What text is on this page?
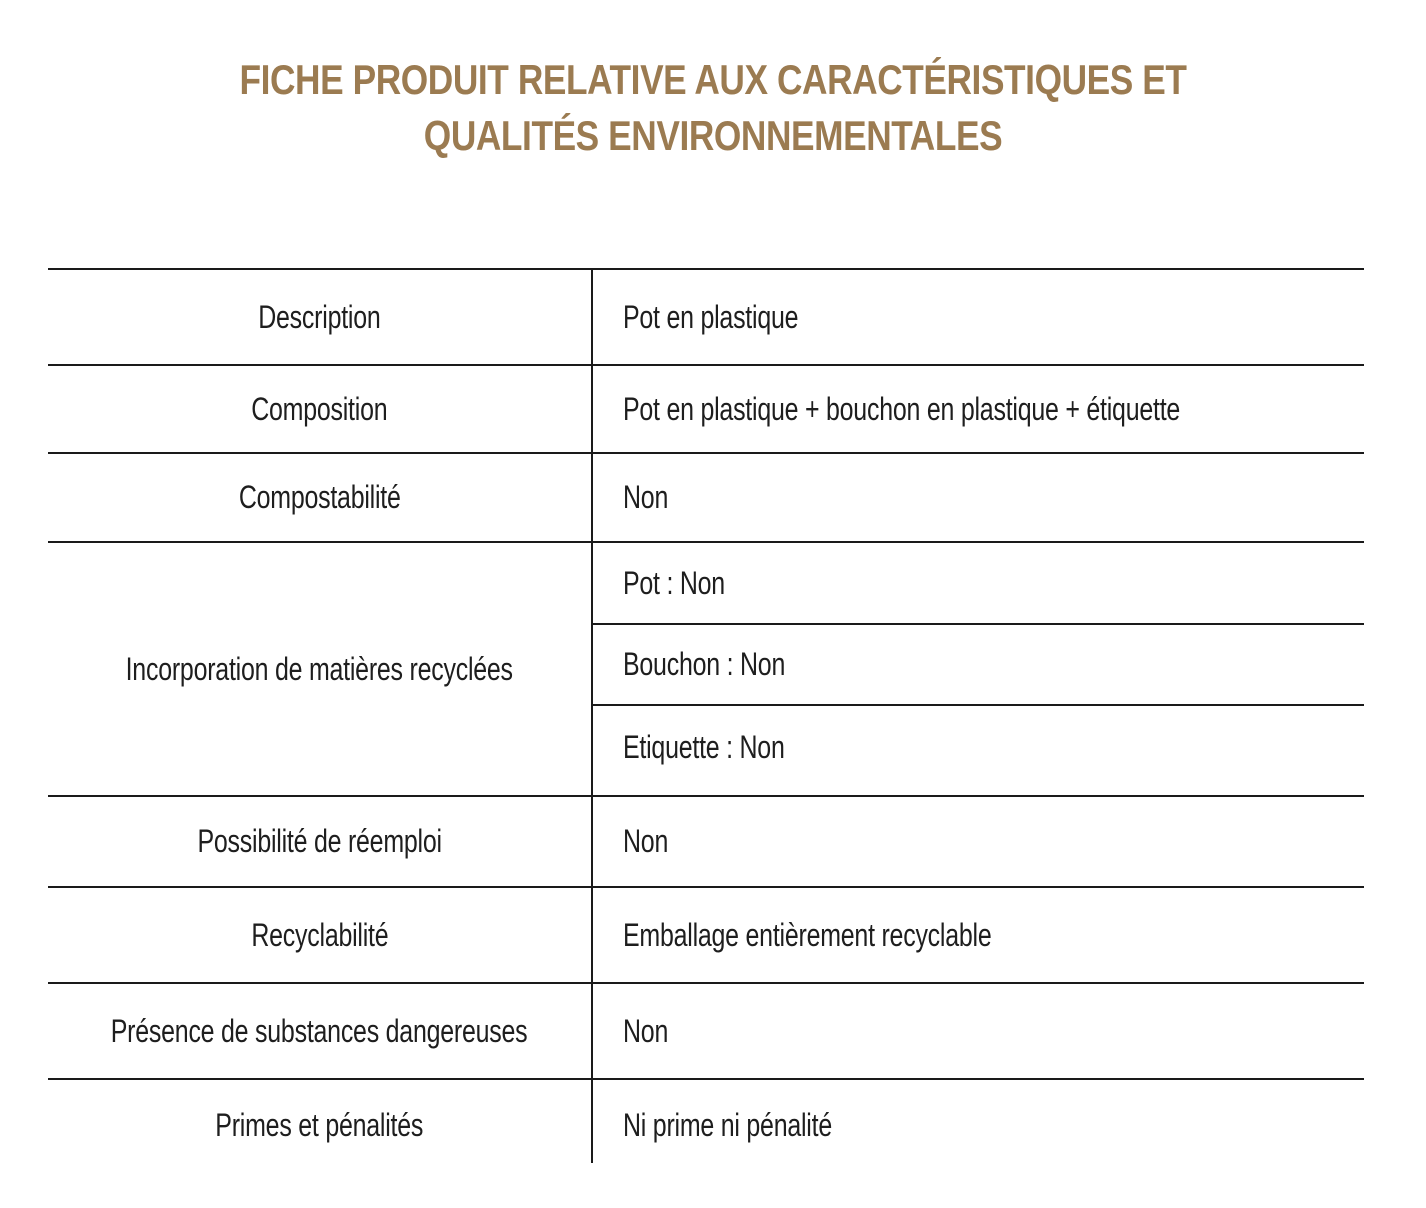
FICHE PRODUIT RELATIVE AUX CARACTÉRISTIQUES ET
QUALITÉS ENVIRONNEMENTALES
Description	Pot en plastique
Composition	Pot en plastique + bouchon en plastique + étiquette
Compostabilité	Non
Incorporation de matières recyclées
Pot : Non
Bouchon : Non
Etiquette : Non
Possibilité de réemploi	Non
Recyclabilité	Emballage entièrement recyclable
Présence de substances dangereuses	Non
Primes et pénalités	Ni prime ni pénalité
